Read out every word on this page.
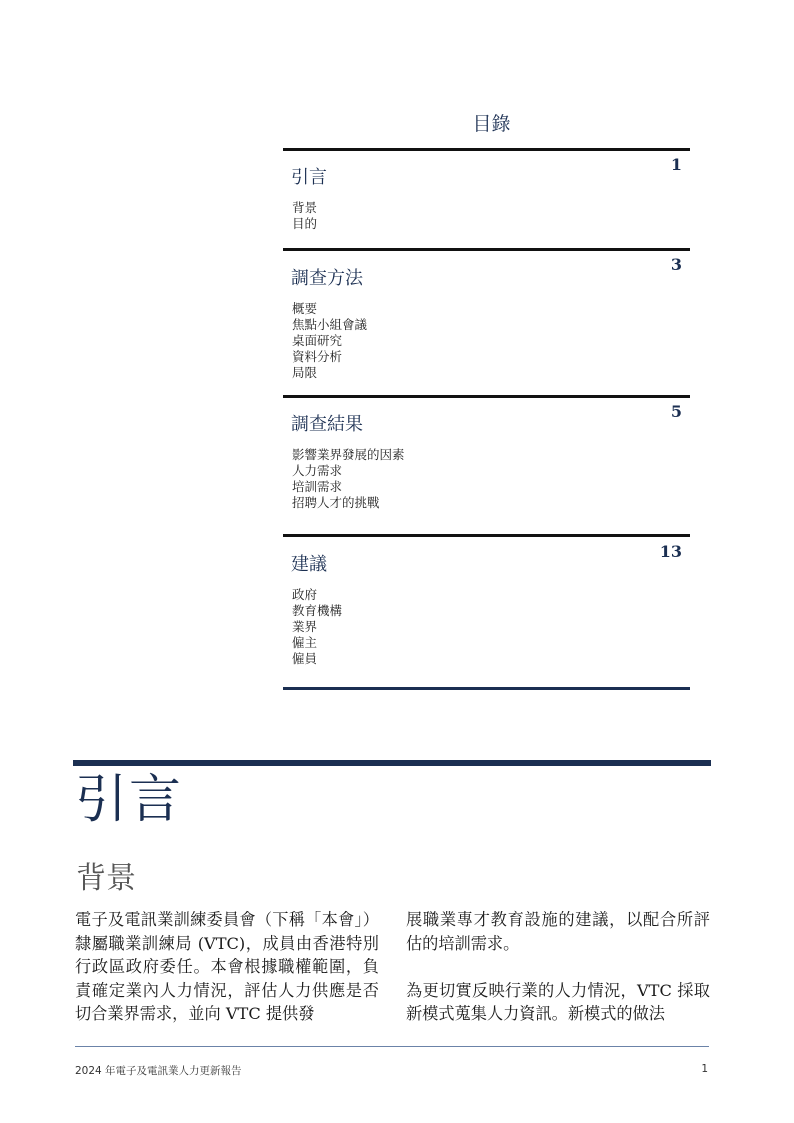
目錄
引言
1
背景
目的
調查方法
3
概要
焦點小組會議
桌面研究
資料分析
局限
調查結果
5
影響業界發展的因素
人力需求
培訓需求
招聘人才的挑戰
建議
13
政府
教育機構
業界
僱主
僱員
引言
背景
電子及電訊業訓練委員會（下稱「本會」）隸屬職業訓練局 (VTC)，成員由香港特別行政區政府委任。本會根據職權範圍，負責確定業內人力情況，評估人力供應是否切合業界需求，並向 VTC 提供發
展職業專才教育設施的建議，以配合所評估的培訓需求。
為更切實反映行業的人力情況，VTC 採取新模式蒐集人力資訊。新模式的做法
2024 年電子及電訊業人力更新報告	1
